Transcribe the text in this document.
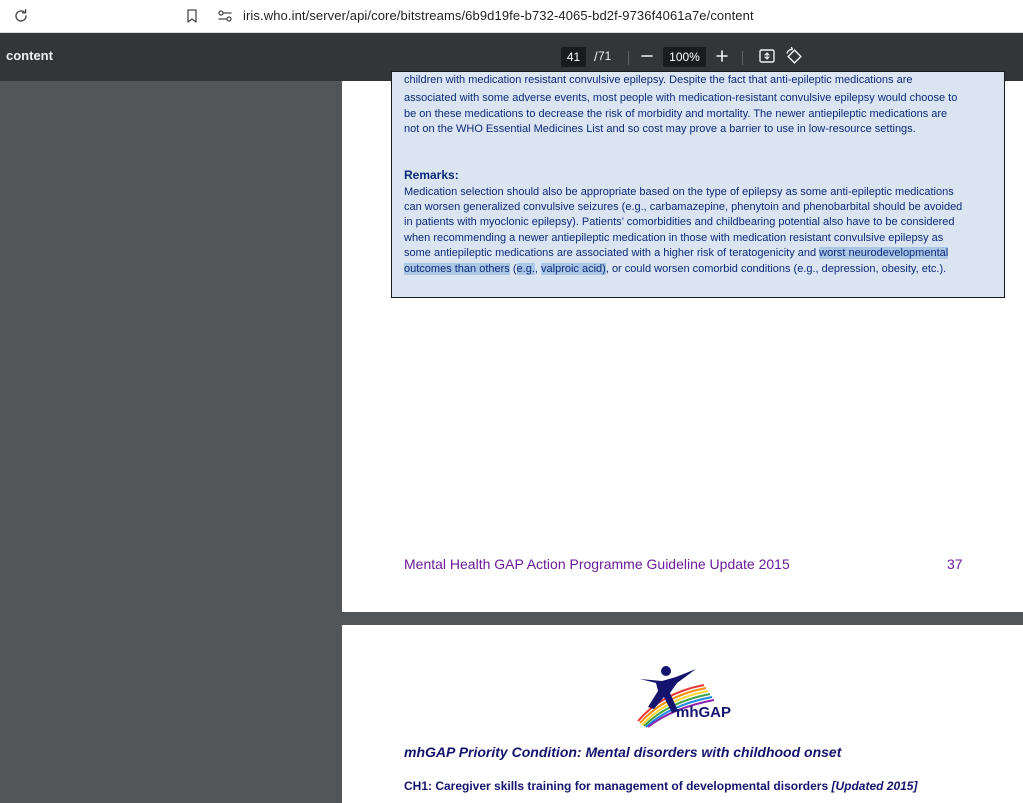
iris.who.int/server/api/core/bitstreams/6b9d19fe-b732-4065-bd2f-9736f4061a7e/content
content	41	/ 71	100%
children with medication resistant convulsive epilepsy. Despite the fact that anti-epileptic medications are
associated with some adverse events, most people with medication-resistant convulsive epilepsy would choose to
be on these medications to decrease the risk of morbidity and mortality. The newer antiepileptic medications are
not on the WHO Essential Medicines List and so cost may prove a barrier to use in low-resource settings.
Remarks:
Medication selection should also be appropriate based on the type of epilepsy as some anti-epileptic medications
can worsen generalized convulsive seizures (e.g., carbamazepine, phenytoin and phenobarbital should be avoided
in patients with myoclonic epilepsy). Patients’ comorbidities and childbearing potential also have to be considered
when recommending a newer antiepileptic medication in those with medication resistant convulsive epilepsy as
some antiepileptic medications are associated with a higher risk of teratogenicity and worst neurodevelopmental
outcomes than others (e.g., valproic acid), or could worsen comorbid conditions (e.g., depression, obesity, etc.).
Mental Health GAP Action Programme Guideline Update 2015	37
mhGAP
mhGAP Priority Condition: Mental disorders with childhood onset
CH1: Caregiver skills training for management of developmental disorders [Updated 2015]
